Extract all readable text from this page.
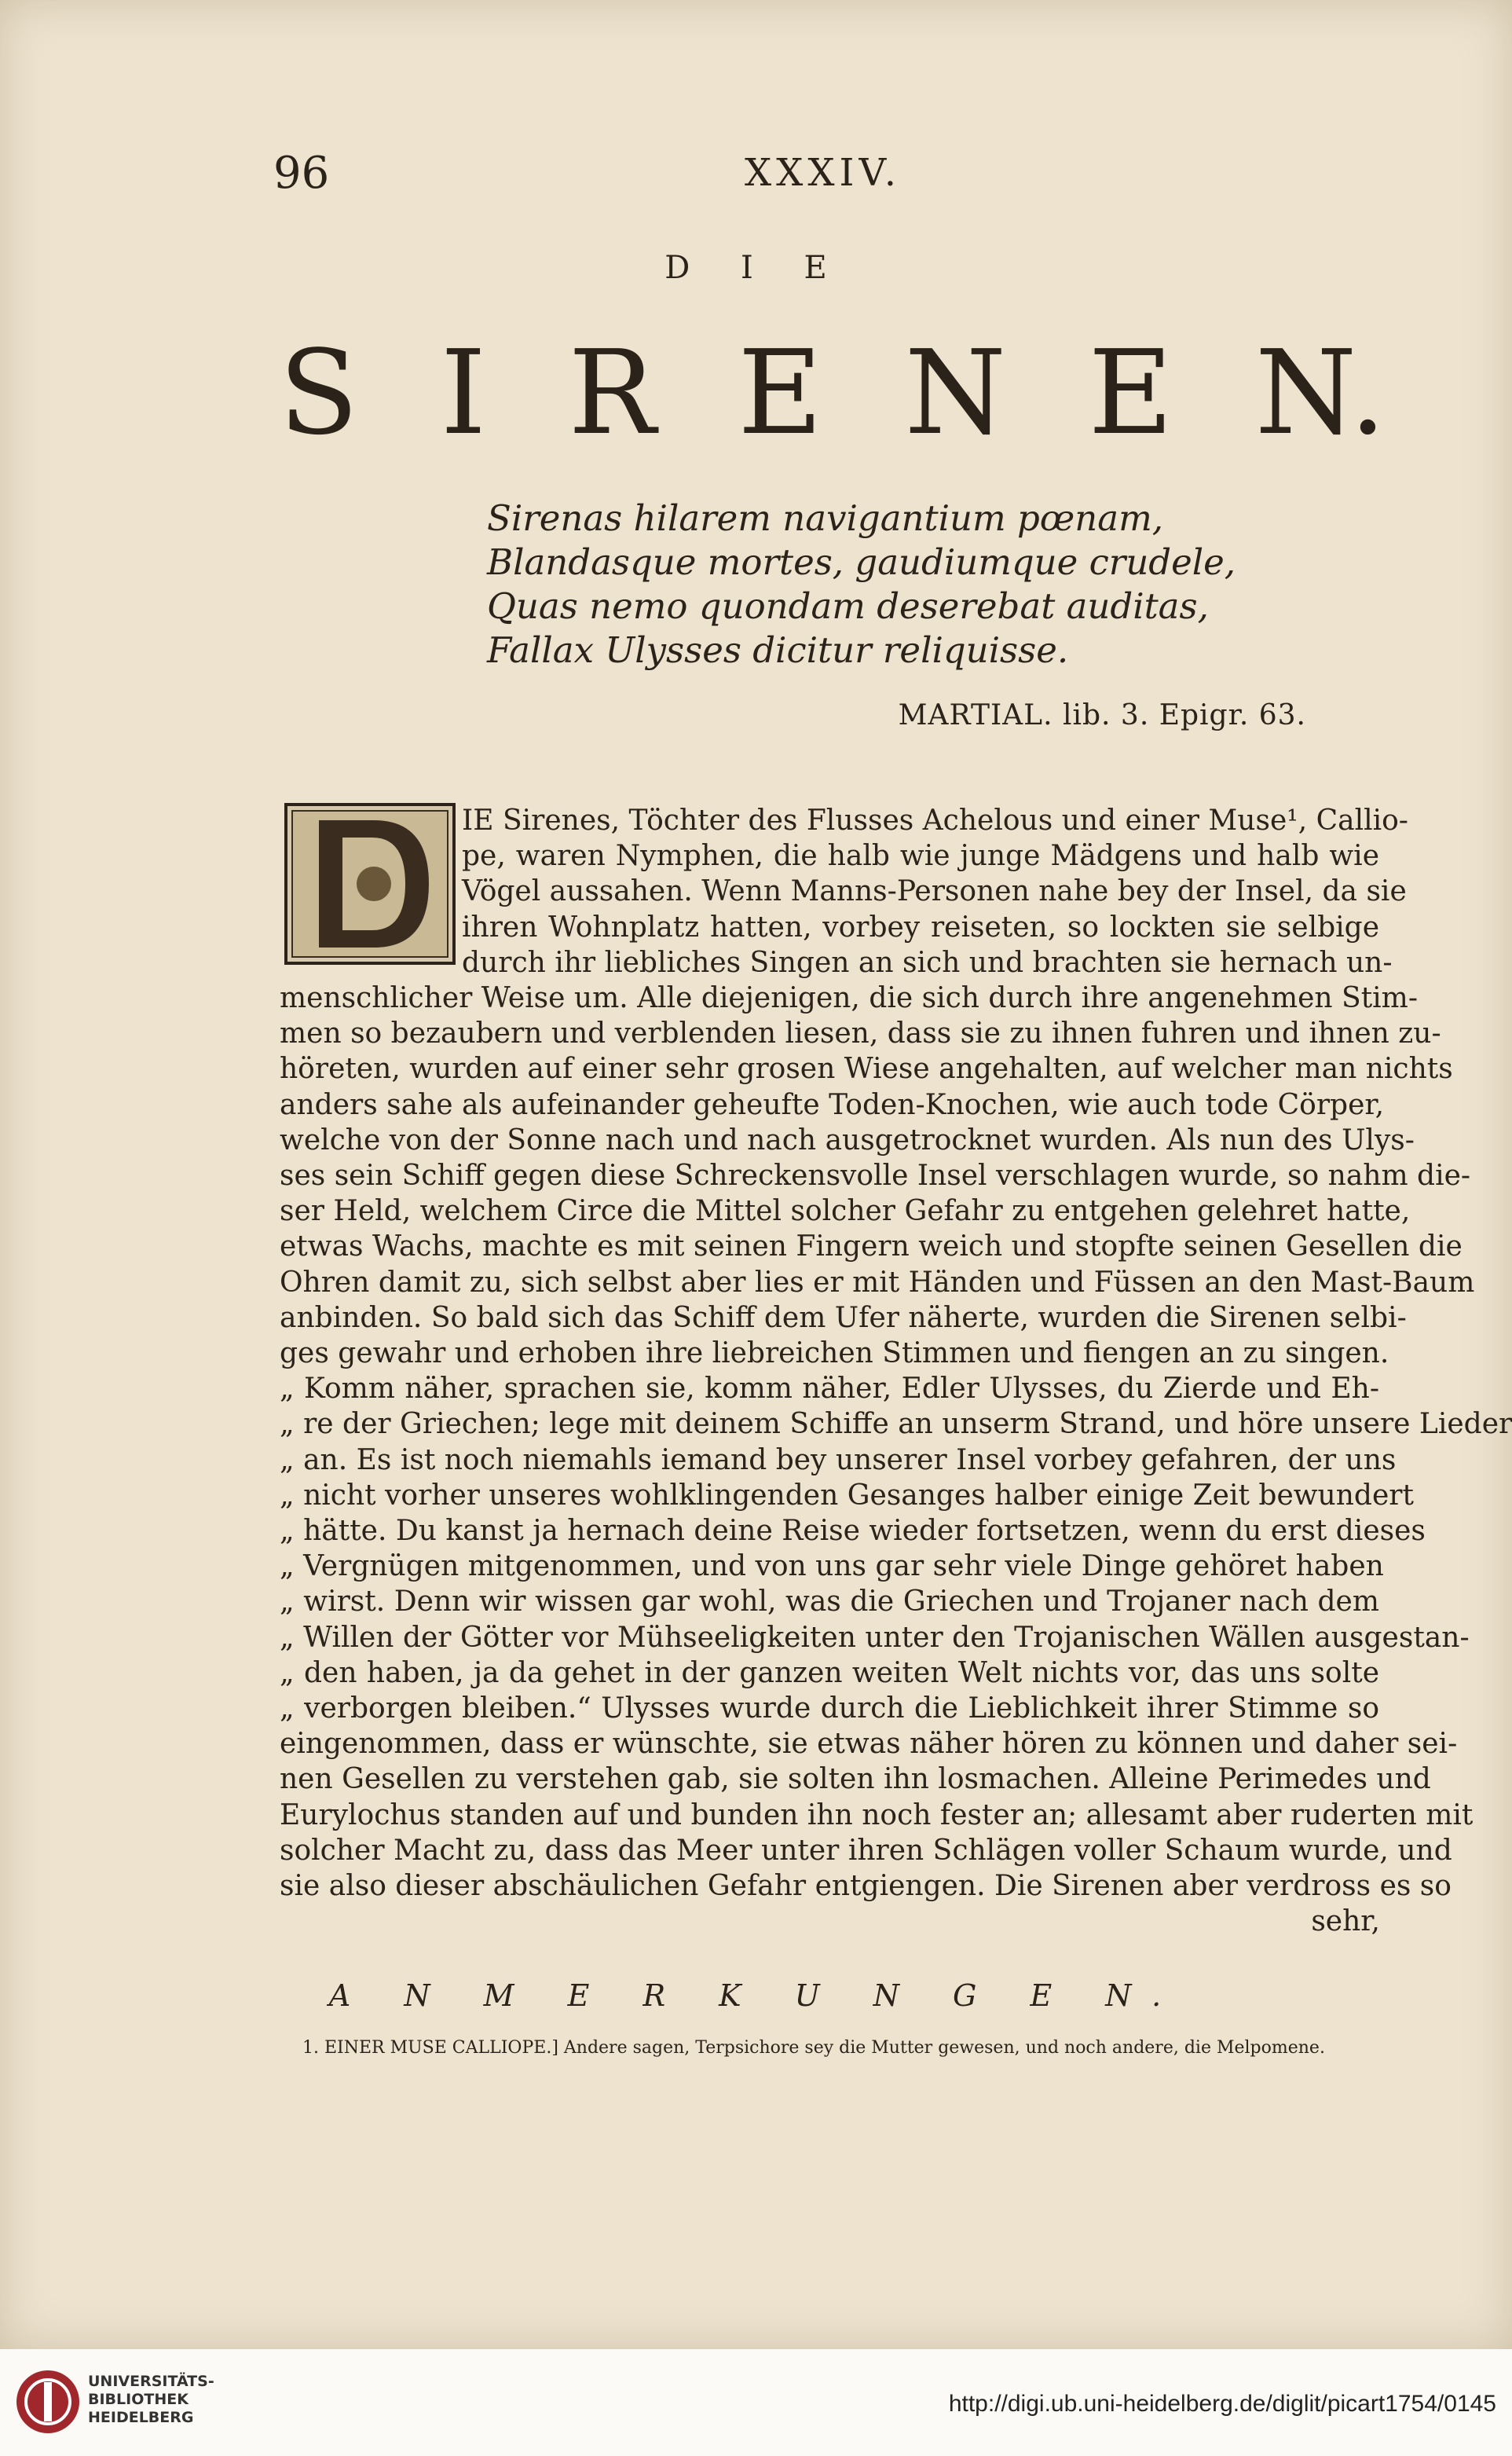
96	XXXIV.
D I E
S I R E N E N.
Sirenas hilarem navigantium pœnam,
Blandasque mortes, gaudiumque crudele,
Quas nemo quondam deserebat auditas,
Fallax Ulysses dicitur reliquisse.
MARTIAL. lib. 3. Epigr. 63.
IE Sirenes, Töchter des Flusses Achelous und einer Muse¹, Callio-
pe, waren Nymphen, die halb wie junge Mädgens und halb wie
Vögel aussahen. Wenn Manns-Personen nahe bey der Insel, da sie
ihren Wohnplatz hatten, vorbey reiseten, so lockten sie selbige
durch ihr liebliches Singen an sich und brachten sie hernach un-
menschlicher Weise um. Alle diejenigen, die sich durch ihre angenehmen Stim-
men so bezaubern und verblenden liesen, dass sie zu ihnen fuhren und ihnen zu-
höreten, wurden auf einer sehr grosen Wiese angehalten, auf welcher man nichts
anders sahe als aufeinander geheufte Toden-Knochen, wie auch tode Cörper,
welche von der Sonne nach und nach ausgetrocknet wurden. Als nun des Ulys-
ses sein Schiff gegen diese Schreckensvolle Insel verschlagen wurde, so nahm die-
ser Held, welchem Circe die Mittel solcher Gefahr zu entgehen gelehret hatte,
etwas Wachs, machte es mit seinen Fingern weich und stopfte seinen Gesellen die
Ohren damit zu, sich selbst aber lies er mit Händen und Füssen an den Mast-Baum
anbinden. So bald sich das Schiff dem Ufer näherte, wurden die Sirenen selbi-
ges gewahr und erhoben ihre liebreichen Stimmen und fiengen an zu singen.
„ Komm näher, sprachen sie, komm näher, Edler Ulysses, du Zierde und Eh-
„ re der Griechen; lege mit deinem Schiffe an unserm Strand, und höre unsere Lieder
„ an. Es ist noch niemahls iemand bey unserer Insel vorbey gefahren, der uns
„ nicht vorher unseres wohlklingenden Gesanges halber einige Zeit bewundert
„ hätte. Du kanst ja hernach deine Reise wieder fortsetzen, wenn du erst dieses
„ Vergnügen mitgenommen, und von uns gar sehr viele Dinge gehöret haben
„ wirst. Denn wir wissen gar wohl, was die Griechen und Trojaner nach dem
„ Willen der Götter vor Mühseeligkeiten unter den Trojanischen Wällen ausgestan-
„ den haben, ja da gehet in der ganzen weiten Welt nichts vor, das uns solte
„ verborgen bleiben.“ Ulysses wurde durch die Lieblichkeit ihrer Stimme so
eingenommen, dass er wünschte, sie etwas näher hören zu können und daher sei-
nen Gesellen zu verstehen gab, sie solten ihn losmachen. Alleine Perimedes und
Eurylochus standen auf und bunden ihn noch fester an; allesamt aber ruderten mit
solcher Macht zu, dass das Meer unter ihren Schlägen voller Schaum wurde, und
sie also dieser abschäulichen Gefahr entgiengen. Die Sirenen aber verdross es so
sehr,
A N M E R K U N G E N.
1. EINER MUSE CALLIOPE.] Andere sagen, Terpsichore sey die Mutter gewesen, und noch andere, die Melpomene.
UNIVERSITÄTS-
BIBLIOTHEK
HEIDELBERG
http://digi.ub.uni-heidelberg.de/diglit/picart1754/0145
